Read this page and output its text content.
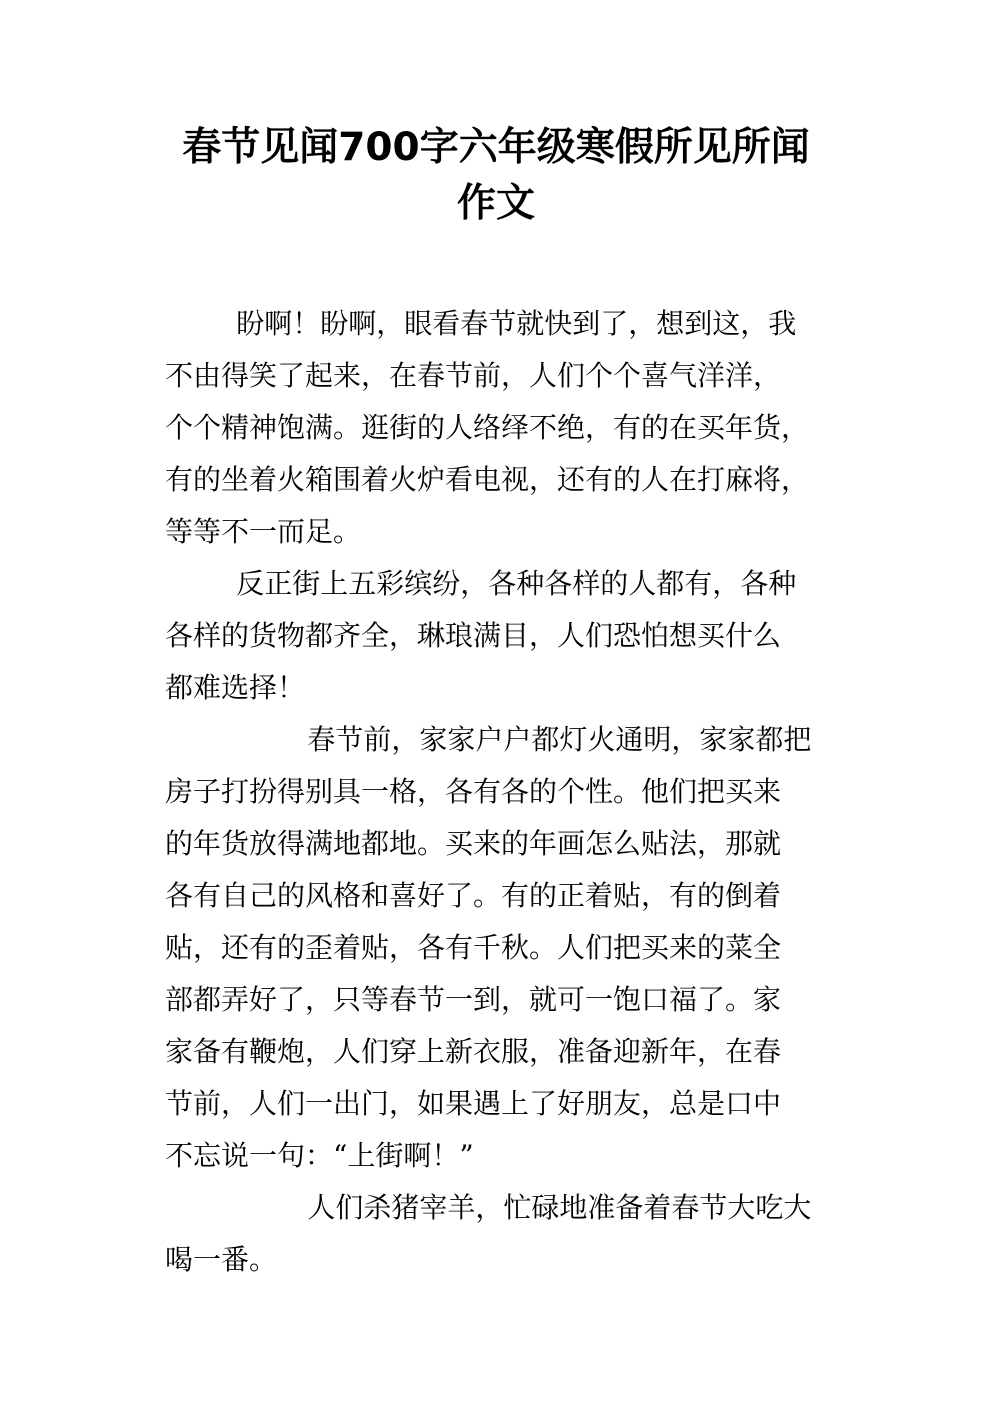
春节见闻700字六年级寒假所见所闻
作文
盼啊！盼啊，眼看春节就快到了，想到这，我
不由得笑了起来，在春节前，人们个个喜气洋洋，
个个精神饱满。逛街的人络绎不绝，有的在买年货，
有的坐着火箱围着火炉看电视，还有的人在打麻将，
等等不一而足。
反正街上五彩缤纷，各种各样的人都有，各种
各样的货物都齐全，琳琅满目，人们恐怕想买什么
都难选择！
春节前，家家户户都灯火通明，家家都把
房子打扮得别具一格，各有各的个性。他们把买来
的年货放得满地都地。买来的年画怎么贴法，那就
各有自己的风格和喜好了。有的正着贴，有的倒着
贴，还有的歪着贴，各有千秋。人们把买来的菜全
部都弄好了，只等春节一到，就可一饱口福了。家
家备有鞭炮，人们穿上新衣服，准备迎新年，在春
节前，人们一出门，如果遇上了好朋友，总是口中
不忘说一句：“上街啊！”
人们杀猪宰羊，忙碌地准备着春节大吃大
喝一番。
